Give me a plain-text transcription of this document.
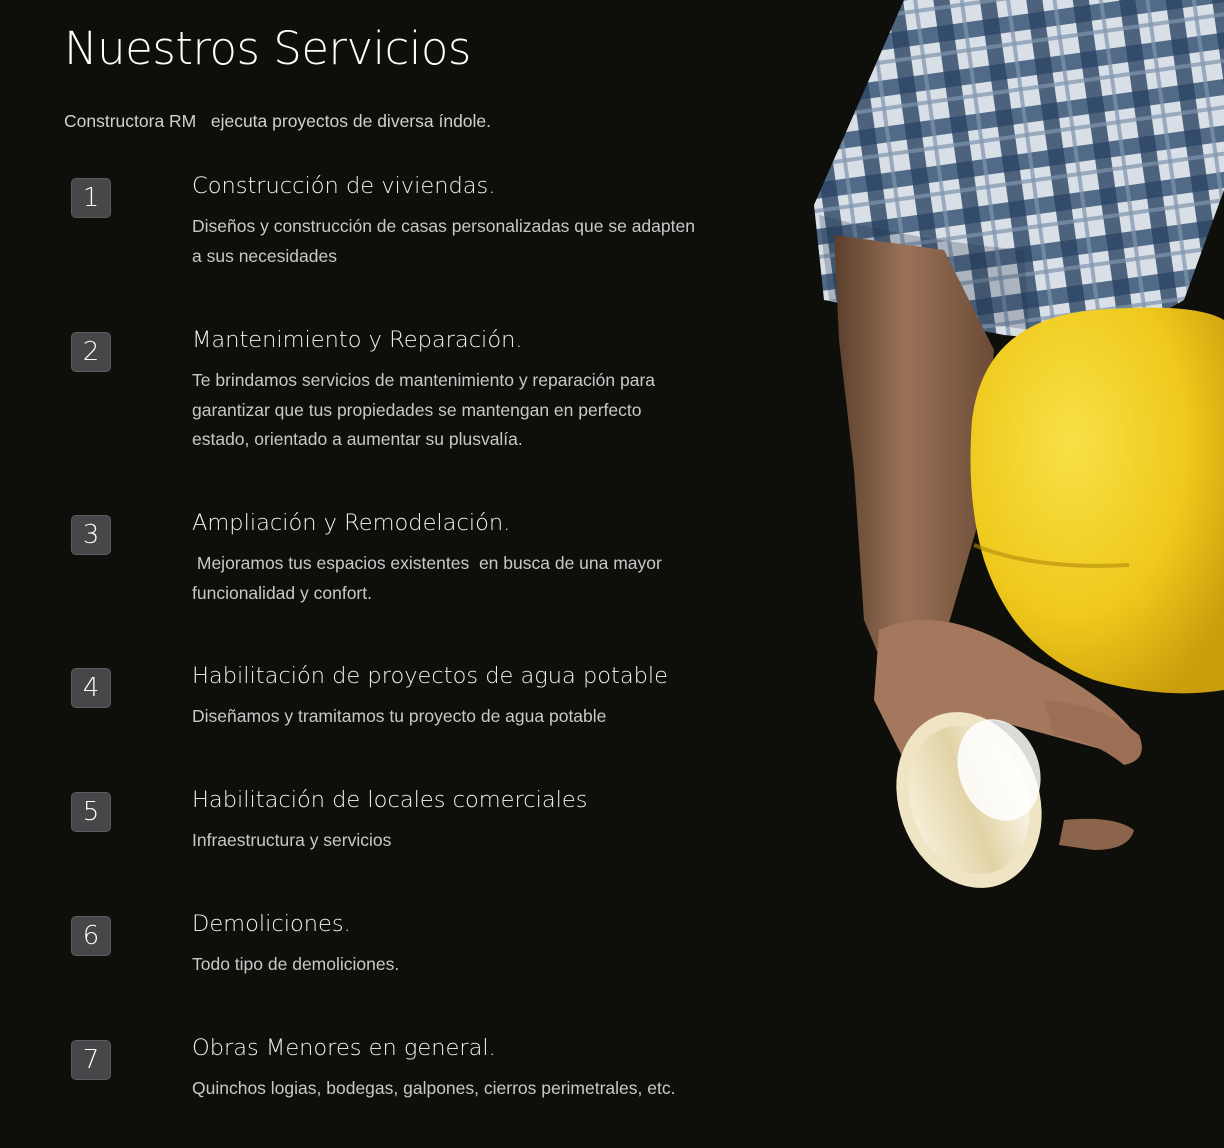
Nuestros Servicios
Constructora RM   ejecuta proyectos de diversa índole.
1	Construcción de viviendas.

Diseños y construcción de casas personalizadas que se adapten a sus necesidades

2	Mantenimiento y Reparación.

Te brindamos servicios de mantenimiento y reparación para garantizar que tus propiedades se mantengan en perfecto estado, orientado a aumentar su plusvalía.

3	Ampliación y Remodelación.

Mejoramos tus espacios existentes  en busca de una mayor funcionalidad y confort.

4	Habilitación de proyectos de agua potable

Diseñamos y tramitamos tu proyecto de agua potable

5	Habilitación de locales comerciales

Infraestructura y servicios

6	Demoliciones.

Todo tipo de demoliciones.

7	Obras Menores en general.

Quinchos logias, bodegas, galpones, cierros perimetrales, etc.
